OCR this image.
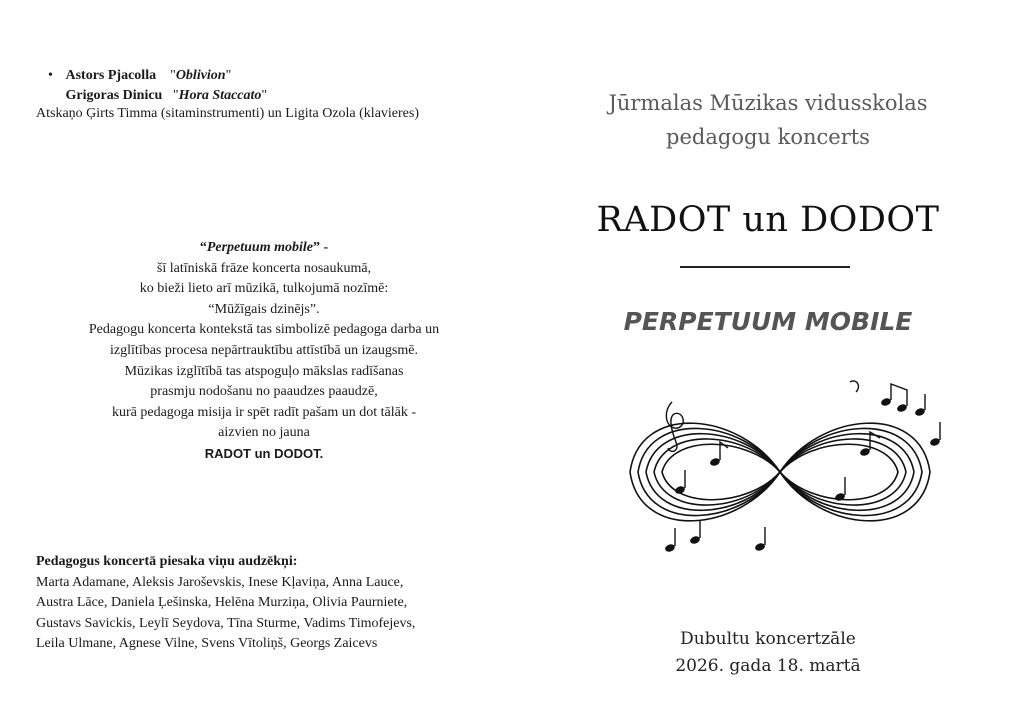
• Astors Pjacolla "Oblivion"
Grigoras Dinicu "Hora Staccato"
Atskaņo Ģirts Timma (sitaminstrumenti) un Ligita Ozola (klavieres)
“Perpetuum mobile” -
šī latīniskā frāze koncerta nosaukumā,
ko bieži lieto arī mūzikā, tulkojumā nozīmē:
“Mūžīgais dzinējs”.
Pedagogu koncerta kontekstā tas simbolizē pedagoga darba un
izglītības procesa nepārtrauktību attīstībā un izaugsmē.
Mūzikas izglītībā tas atspoguļo mākslas radīšanas
prasmju nodošanu no paaudzes paaudzē,
kurā pedagoga misija ir spēt radīt pašam un dot tālāk -
aizvien no jauna
RADOT un DODOT.
Pedagogus koncertā piesaka viņu audzēkņi:
Marta Adamane, Aleksis Jaroševskis, Inese Kļaviņa, Anna Lauce,
Austra Lāce, Daniela Ļešinska, Helēna Murziņa, Olivia Paurniete,
Gustavs Savickis, Leylī Seydova, Tīna Sturme, Vadims Timofejevs,
Leila Ulmane, Agnese Vilne, Svens Vītoliņš, Georgs Zaicevs
Jūrmalas Mūzikas vidusskolas
pedagogu koncerts
RADOT un DODOT
PERPETUUM MOBILE
Dubultu koncertzāle
2026. gada 18. martā
